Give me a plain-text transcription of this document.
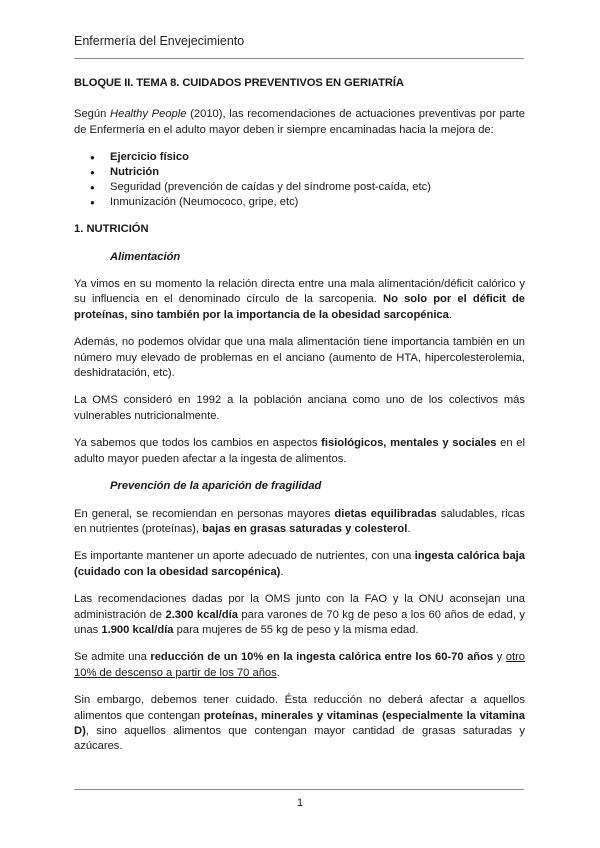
Enfermería del Envejecimiento
BLOQUE II. TEMA 8. CUIDADOS PREVENTIVOS EN GERIATRÍA

Según Healthy People (2010), las recomendaciones de actuaciones preventivas por parte de Enfermería en el adulto mayor deben ir siempre encaminadas hacia la mejora de:

● Ejercicio físico
● Nutrición
● Seguridad (prevención de caídas y del síndrome post-caída, etc)
● Inmunización (Neumococo, gripe, etc)
1. NUTRICIÓN
Alimentación

Ya vimos en su momento la relación directa entre una mala alimentación/déficit calórico y su influencia en el denominado círculo de la sarcopenia. No solo por el déficit de proteínas, sino también por la importancia de la obesidad sarcopénica.

Además, no podemos olvidar que una mala alimentación tiene importancia también en un número muy elevado de problemas en el anciano (aumento de HTA, hipercolesterolemia, deshidratación, etc).

La OMS consideró en 1992 a la población anciana como uno de los colectivos más vulnerables nutricionalmente.

Ya sabemos que todos los cambios en aspectos fisiológicos, mentales y sociales en el adulto mayor pueden afectar a la ingesta de alimentos.

Prevención de la aparición de fragilidad

En general, se recomiendan en personas mayores dietas equilibradas saludables, ricas en nutrientes (proteínas), bajas en grasas saturadas y colesterol.

Es importante mantener un aporte adecuado de nutrientes, con una ingesta calórica baja (cuidado con la obesidad sarcopénica).

Las recomendaciones dadas por la OMS junto con la FAO y la ONU aconsejan una administración de 2.300 kcal/día para varones de 70 kg de peso a los 60 años de edad, y unas 1.900 kcal/día para mujeres de 55 kg de peso y la misma edad.

Se admite una reducción de un 10% en la ingesta calórica entre los 60-70 años y otro 10% de descenso a partir de los 70 años.

Sin embargo, debemos tener cuidado. Ésta reducción no deberá afectar a aquellos alimentos que contengan proteínas, minerales y vitaminas (especialmente la vitamina D), sino aquellos alimentos que contengan mayor cantidad de grasas saturadas y azúcares.

1
